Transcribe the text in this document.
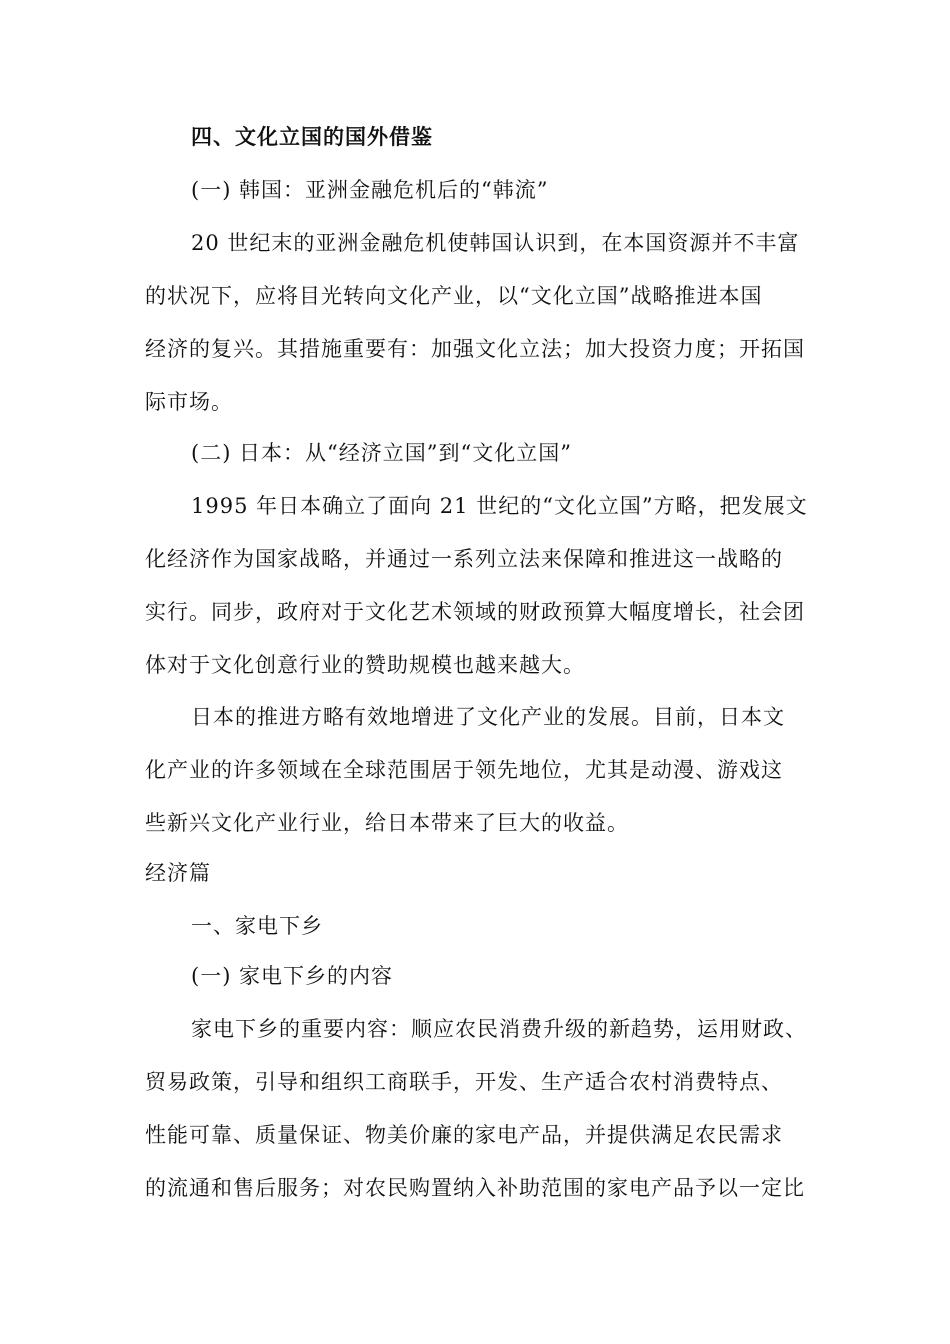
四、文化立国的国外借鉴
(一) 韩国：亚洲金融危机后的“韩流”
20 世纪末的亚洲金融危机使韩国认识到，在本国资源并不丰富
的状况下，应将目光转向文化产业，以“文化立国”战略推进本国
经济的复兴。其措施重要有：加强文化立法；加大投资力度；开拓国
际市场。
(二) 日本：从“经济立国”到“文化立国”
1995 年日本确立了面向 21 世纪的“文化立国”方略，把发展文
化经济作为国家战略，并通过一系列立法来保障和推进这一战略的
实行。同步，政府对于文化艺术领域的财政预算大幅度增长，社会团
体对于文化创意行业的赞助规模也越来越大。
日本的推进方略有效地增进了文化产业的发展。目前，日本文
化产业的许多领域在全球范围居于领先地位，尤其是动漫、游戏这
些新兴文化产业行业，给日本带来了巨大的收益。
经济篇
一、家电下乡
(一) 家电下乡的内容
家电下乡的重要内容：顺应农民消费升级的新趋势，运用财政、
贸易政策，引导和组织工商联手，开发、生产适合农村消费特点、
性能可靠、质量保证、物美价廉的家电产品，并提供满足农民需求
的流通和售后服务；对农民购置纳入补助范围的家电产品予以一定比
